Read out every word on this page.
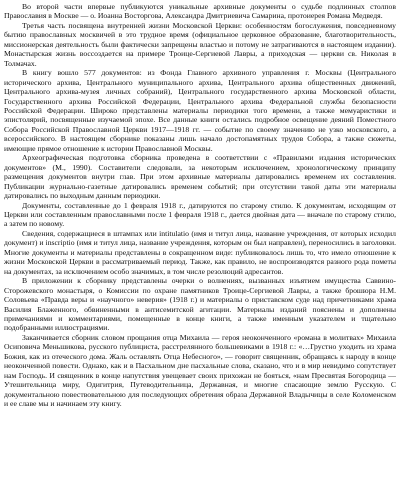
Во второй части впервые публикуются уникальные архивные документы о судьбе подлинных столпов Православия в Москве — о. Иоанна Восторгова, Александра Дмитриевича Самарина, протоиерея Романа Медведя.

Третья часть посвящена внутренней жизни Московской Церкви: особенностям богослужения, повседневному бытию православных москвичей в это трудное время (официальное церковное образование, благотворительность, миссионерская деятельность были фактически запрещены властью и потому не затрагиваются в настоящем издании). Монастырская жизнь воссоздается на примере Троице-Сергиевой Лавры, а приходская — церкви св. Николая в Толмачах.

В книгу вошло 577 документов: из Фонда Главного архивного управления г. Москвы (Центрального исторического архива, Центрального муниципального архива, Центрального архива общественных движений, Центрального архива-музея личных собраний), Центрального государственного архива Московской области, Государственного архива Российской Федерации, Центрального архива Федеральной службы безопасности Российской Федерации. Широко представлены материалы периодики того времени, а также мемуаристики и эпистолярий, посвященные изучаемой эпохе. Все данные книги остались подробное освещение деяний Поместного Собора Российской Православной Церкви 1917—1918 гг. — событие по своему значению не узко московского, а всероссийского. В настоящем сборнике показаны лишь начало достопамятных трудов Собора, а также сюжеты, имеющие прямое отношение к истории Православной Москвы.

Археографическая подготовка сборника проведена в соответствии с «Правилами издания исторических документов» (М., 1990). Составители следовали, за некоторым исключением, хронологическому принципу размещения документов внутри глав. При этом архивные материалы датировались временем их составления. Публикации журнально-газетные датировались временем событий; при отсутствии такой даты эти материалы датировались по выходным данным периодики.

Документы, составленные до 1 февраля 1918 г., датируются по старому стилю. К документам, исходящим от Церкви или составленным православными после 1 февраля 1918 г., дается двойная дата — вначале по старому стилю, а затем по новому.

Сведения, содержащиеся в штампах или intitulatio (имя и титул лица, название учреждения, от которых исходил документ) и inscriptio (имя и титул лица, название учреждения, которым он был направлен), переносились в заголовки. Многие документы и материалы представлены в сокращенном виде: публиковалось лишь то, что имело отношение к жизни Московской Церкви в рассматриваемый период. Также, как правило, не воспроизводятся разного рода пометы на документах, за исключением особо значимых, в том числе резолюций адресантов.

В приложении к сборнику представлены очерки о волнениях, вызванных изъятием имущества Саввино-Сторожевского монастыря, о Комиссии по охране памятников Троице-Сергиевой Лавры, а также брошюра Н.М. Соловьева «Правда веры и «научного» неверия» (1918 г.) и материалы о приставском суде над причетниками храма Василия Блаженного, обвиненными в антисемитской агитации. Материалы изданий пояснены и дополнены примечаниями и комментариями, помещенные в конце книги, а также именным указателем и тщательно подобранными иллюстрациями.

Заканчивается сборник словом прощания отца Михаила — героя неоконченного «романа в молитвах» Михаила Осиповича Меньшикова, русского публициста, расстрелянного большевиками в 1918 г.: «…Грустно уходить из храма Божия, как из отеческого дома. Жаль оставлять Отца Небесного», — говорит священник, обращаясь к народу в конце неоконченной повести. Однако, как и в Пасхальном дне пасхальные слова, сказано, что и в мир невидимо сопутствует нам Господь. И священник в конце напутствия увещевает своих прихожан не бояться, «нам Пресвятая Богородица — Утешительница миру, Одигитрия, Путеводительница, Державная, и многие спасающие землю Русскую. С документальною повествовательною для последующих обретения образа Державной Владычицы в селе Коломенском и ее славе мы и начинаем эту книгу.
